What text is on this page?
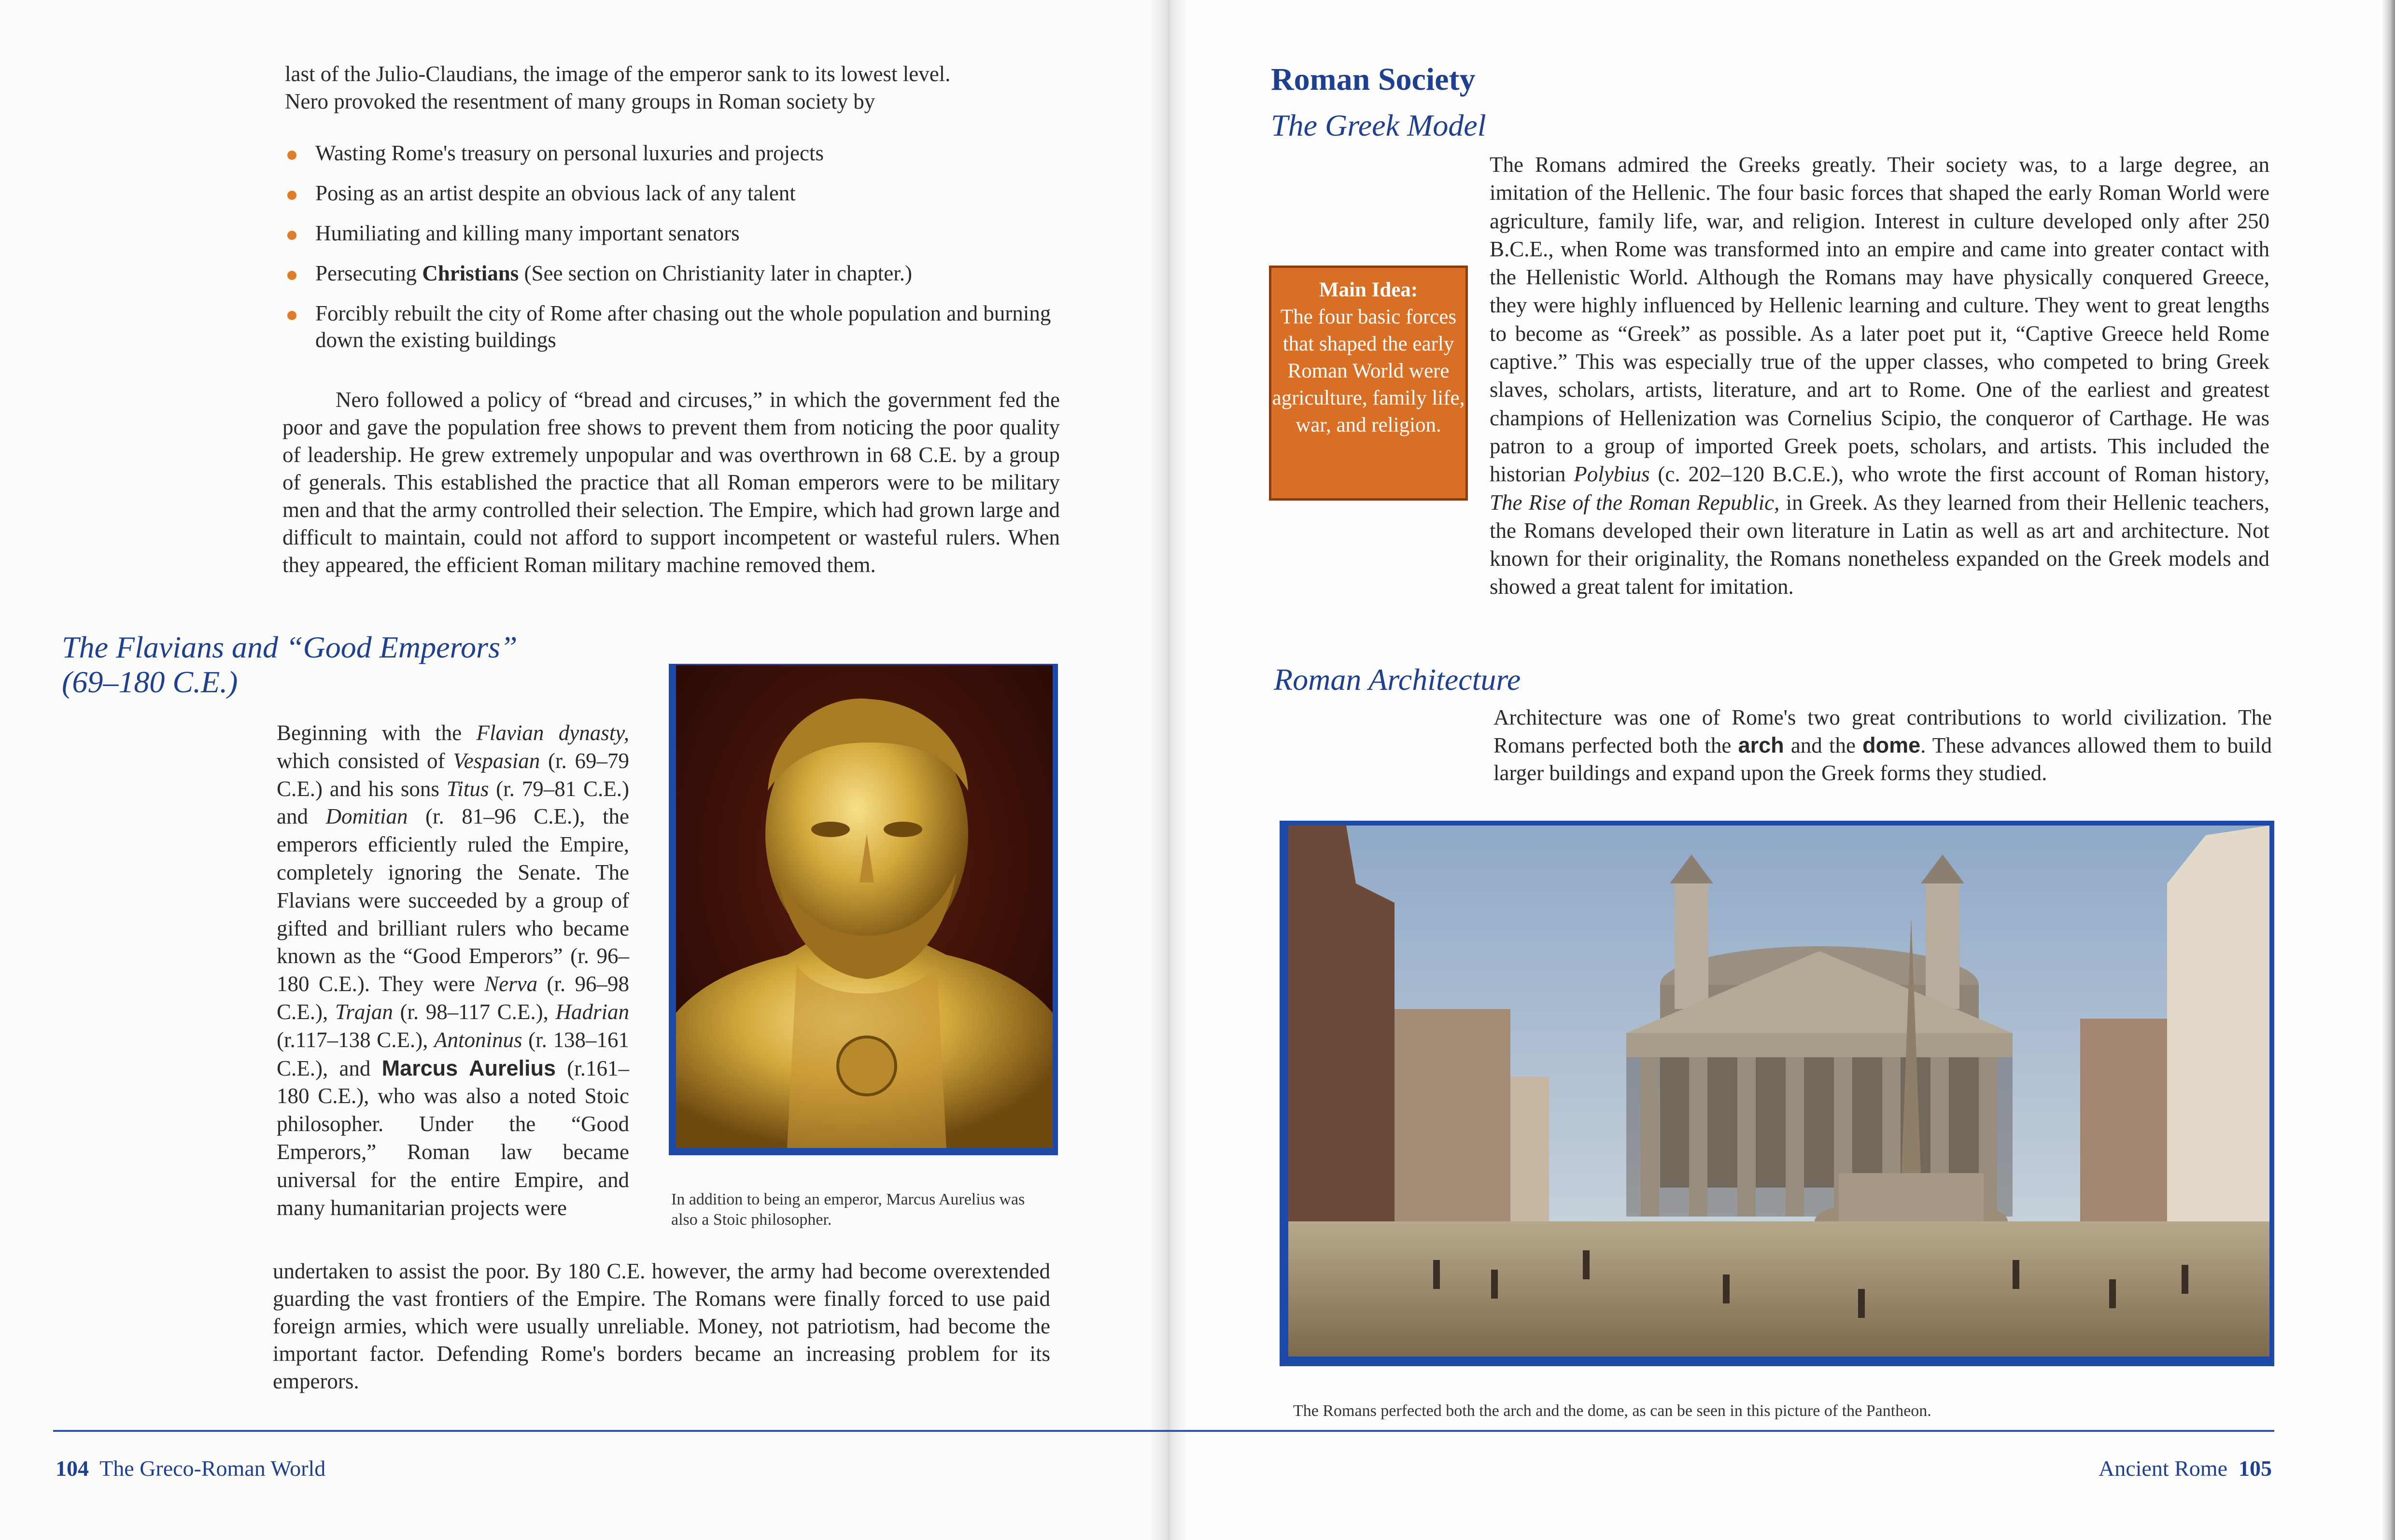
last of the Julio-Claudians, the image of the emperor sank to its lowest level.
Nero provoked the resentment of many groups in Roman society by

Wasting Rome's treasury on personal luxuries and projects
Posing as an artist despite an obvious lack of any talent
Humiliating and killing many important senators
Persecuting Christians (See section on Christianity later in chapter.)
Forcibly rebuilt the city of Rome after chasing out the whole population and burning down the existing buildings

Nero followed a policy of “bread and circuses,” in which the government fed the poor and gave the population free shows to prevent them from noticing the poor quality of leadership. He grew extremely unpopular and was overthrown in 68 C.E. by a group of generals. This established the practice that all Roman emperors were to be military men and that the army controlled their selection. The Empire, which had grown large and difficult to maintain, could not afford to support incompetent or wasteful rulers. When they appeared, the efficient Roman military machine removed them.

The Flavians and “Good Emperors”
(69–180 C.E.)

In addition to being an emperor, Marcus Aurelius was also a Stoic philosopher.

Beginning with the Flavian dynasty, which consisted of Vespasian (r. 69–79 C.E.) and his sons Titus (r. 79–81 C.E.) and Domitian (r. 81–96 C.E.), the emperors efficiently ruled the Empire, completely ignoring the Senate. The Flavians were succeeded by a group of gifted and brilliant rulers who became known as the “Good Emperors” (r. 96–180 C.E.). They were Nerva (r. 96–98 C.E.), Trajan (r. 98–117 C.E.), Hadrian (r.117–138 C.E.), Antoninus (r. 138–161 C.E.), and Marcus Aurelius (r.161–180 C.E.), who was also a noted Stoic philosopher. Under the “Good Emperors,” Roman law became universal for the entire Empire, and many humanitarian projects were

undertaken to assist the poor. By 180 C.E. however, the army had become overextended guarding the vast frontiers of the Empire. The Romans were finally forced to use paid foreign armies, which were usually unreliable. Money, not patriotism, had become the important factor. Defending Rome's borders became an increasing problem for its emperors.

104 The Greco-Roman World
Roman Society
The Greek Model

The Romans admired the Greeks greatly. Their society was, to a large degree, an imitation of the Hellenic. The four basic forces that shaped the early Roman World were agriculture, family life, war, and religion. Interest in culture developed only after 250 B.C.E., when Rome was transformed into an empire and came into greater contact with the Hellenistic World. Although the Romans may have physically conquered Greece, they were highly influenced by Hellenic learning and culture. They went to great lengths to become as “Greek” as possible. As a later poet put it, “Captive Greece held Rome captive.” This was especially true of the upper classes, who competed to bring Greek slaves, scholars, artists, literature, and art to Rome. One of the earliest and greatest champions of Hellenization was Cornelius Scipio, the conqueror of Carthage. He was patron to a group of imported Greek poets, scholars, and artists. This included the historian Polybius (c. 202–120 B.C.E.), who wrote the first account of Roman history, The Rise of the Roman Republic, in Greek. As they learned from their Hellenic teachers, the Romans developed their own literature in Latin as well as art and architecture. Not known for their originality, the Romans nonetheless expanded on the Greek models and showed a great talent for imitation.

Main Idea:
The four basic forces that shaped the early Roman World were agriculture, family life, war, and religion.
Roman Architecture

Architecture was one of Rome's two great contributions to world civilization. The Romans perfected both the arch and the dome. These advances allowed them to build larger buildings and expand upon the Greek forms they studied.

The Romans perfected both the arch and the dome, as can be seen in this picture of the Pantheon.

Ancient Rome 105
